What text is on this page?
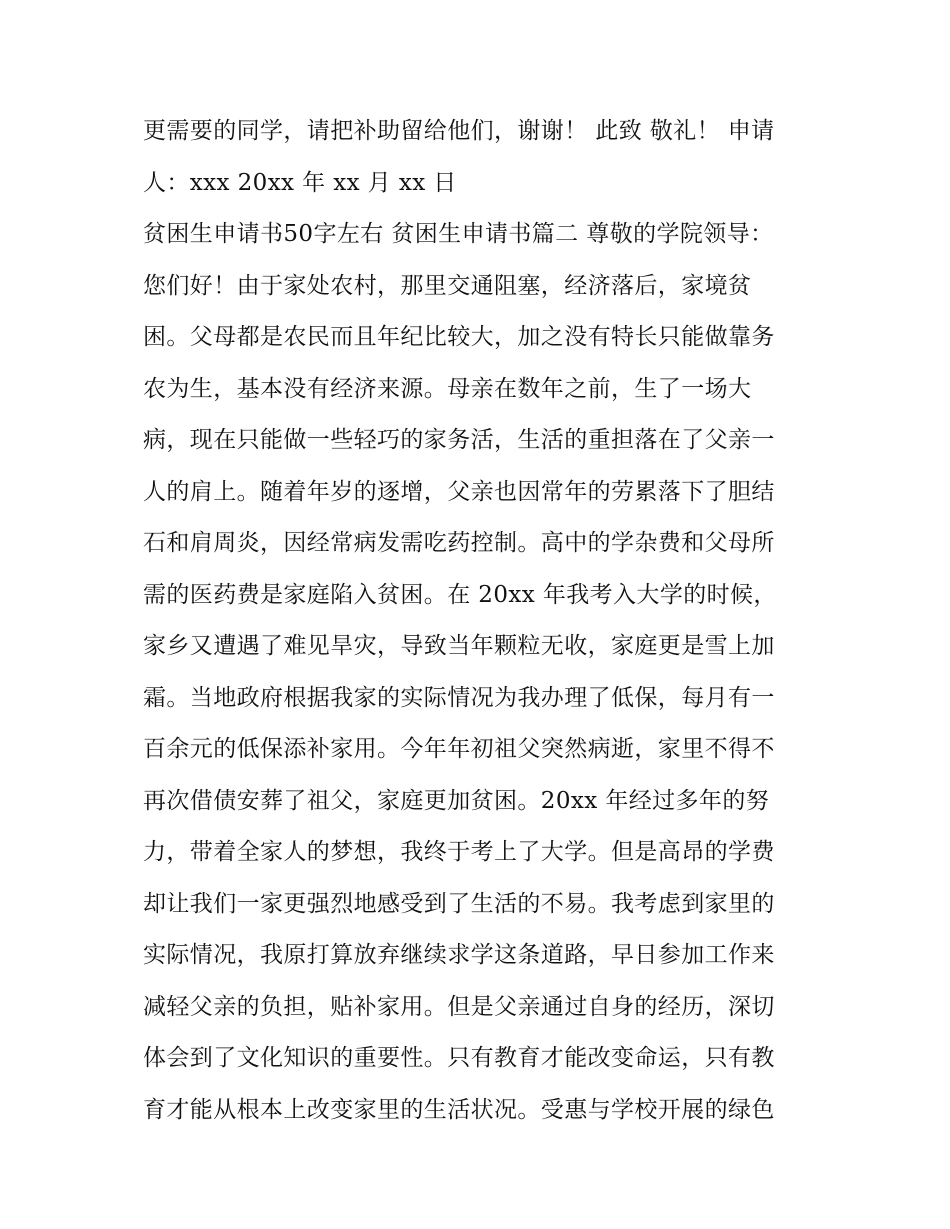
更需要的同学，请把补助留给他们，谢谢！ 此致 敬礼！ 申请
人：xxx 20xx 年 xx 月 xx 日
贫困生申请书50字左右 贫困生申请书篇二 尊敬的学院领导：
您们好！由于家处农村，那里交通阻塞，经济落后，家境贫
困。父母都是农民而且年纪比较大，加之没有特长只能做靠务
农为生，基本没有经济来源。母亲在数年之前，生了一场大
病，现在只能做一些轻巧的家务活，生活的重担落在了父亲一
人的肩上。随着年岁的逐增，父亲也因常年的劳累落下了胆结
石和肩周炎，因经常病发需吃药控制。高中的学杂费和父母所
需的医药费是家庭陷入贫困。在 20xx 年我考入大学的时候，
家乡又遭遇了难见旱灾，导致当年颗粒无收，家庭更是雪上加
霜。当地政府根据我家的实际情况为我办理了低保，每月有一
百余元的低保添补家用。今年年初祖父突然病逝，家里不得不
再次借债安葬了祖父，家庭更加贫困。20xx 年经过多年的努
力，带着全家人的梦想，我终于考上了大学。但是高昂的学费
却让我们一家更强烈地感受到了生活的不易。我考虑到家里的
实际情况，我原打算放弃继续求学这条道路，早日参加工作来
减轻父亲的负担，贴补家用。但是父亲通过自身的经历，深切
体会到了文化知识的重要性。只有教育才能改变命运，只有教
育才能从根本上改变家里的生活状况。受惠与学校开展的绿色
